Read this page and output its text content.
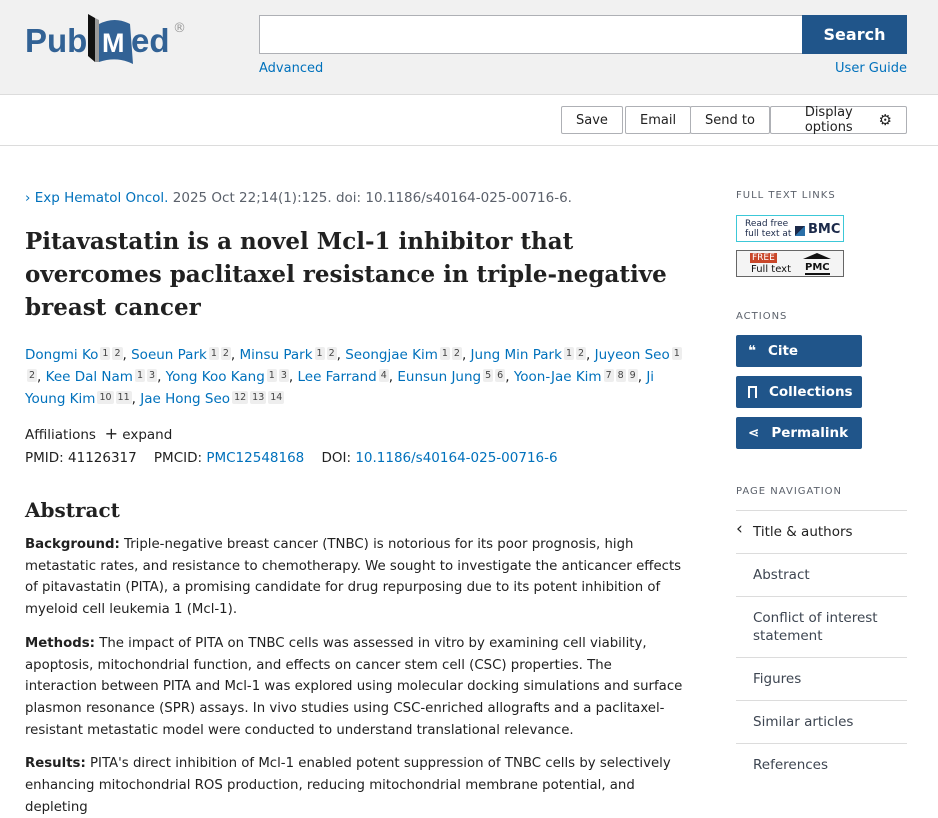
Pub M ed ®	Search
Advanced	User Guide
Save	Email	Send to	Display options	⚙
› Exp Hematol Oncol. 2025 Oct 22;14(1):125. doi: 10.1186/s40164-025-00716-6.
Pitavastatin is a novel Mcl-1 inhibitor that overcomes paclitaxel resistance in triple-negative breast cancer
Dongmi Ko 1 2 , Soeun Park 1 2 , Minsu Park 1 2 , Seongjae Kim 1 2 , Jung Min Park 1 2 , Juyeon Seo 12 , Kee Dal Nam 1 3 , Yong Koo Kang 1 3 , Lee Farrand 4 , Eunsun Jung 5 6 , Yoon-Jae Kim 7 8 9 , Ji Young Kim 10 11 , Jae Hong Seo 12 13 14
Affiliations + expand
PMID: 41126317 PMCID: PMC12548168 DOI: 10.1186/s40164-025-00716-6
Abstract

Background: Triple-negative breast cancer (TNBC) is notorious for its poor prognosis, high metastatic rates, and resistance to chemotherapy. We sought to investigate the anticancer effects of pitavastatin (PITA), a promising candidate for drug repurposing due to its potent inhibition of myeloid cell leukemia 1 (Mcl-1).

Methods: The impact of PITA on TNBC cells was assessed in vitro by examining cell viability, apoptosis, mitochondrial function, and effects on cancer stem cell (CSC) properties. The interaction between PITA and Mcl-1 was explored using molecular docking simulations and surface plasmon resonance (SPR) assays. In vivo studies using CSC-enriched allografts and a paclitaxel-resistant metastatic model were conducted to understand translational relevance.

Results: PITA's direct inhibition of Mcl-1 enabled potent suppression of TNBC cells by selectively enhancing mitochondrial ROS production, reducing mitochondrial membrane potential, and depleting

FULL TEXT LINKS
Read free
full text at BMC
FREE
Full text PMC
ACTIONS
❝ Cite
Collections
⋖ Permalink
PAGE NAVIGATION
‹ Title & authors
Abstract
Conflict of interest statement
Figures
Similar articles
References
